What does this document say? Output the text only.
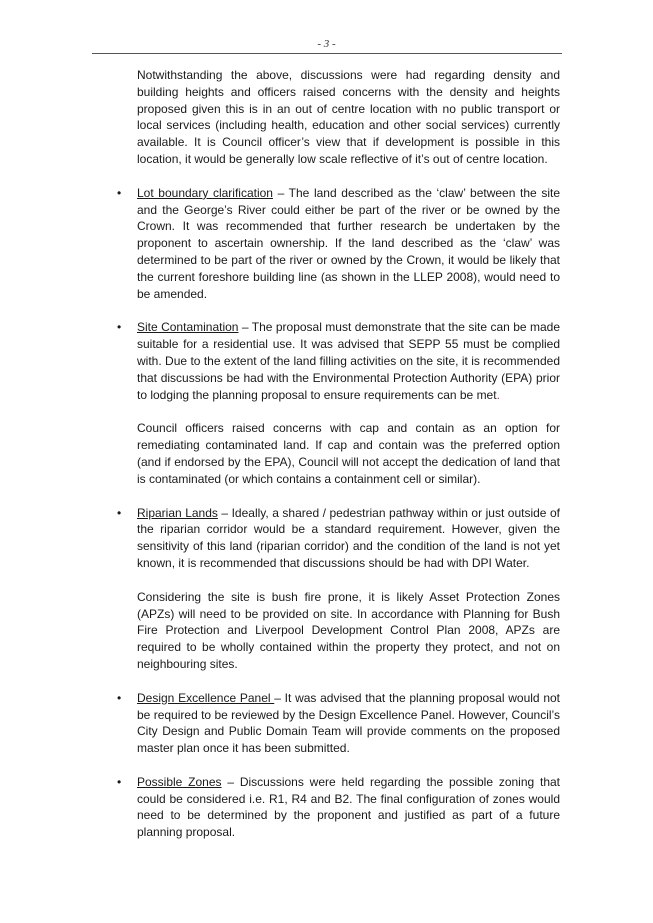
- 3 -

Notwithstanding the above, discussions were had regarding density and building heights and officers raised concerns with the density and heights proposed given this is in an out of centre location with no public transport or local services (including health, education and other social services) currently available. It is Council officer’s view that if development is possible in this location, it would be generally low scale reflective of it’s out of centre location.

• Lot boundary clarification – The land described as the ‘claw’ between the site and the George’s River could either be part of the river or be owned by the Crown. It was recommended that further research be undertaken by the proponent to ascertain ownership. If the land described as the ‘claw’ was determined to be part of the river or owned by the Crown, it would be likely that the current foreshore building line (as shown in the LLEP 2008), would need to be amended.

• Site Contamination – The proposal must demonstrate that the site can be made suitable for a residential use. It was advised that SEPP 55 must be complied with. Due to the extent of the land filling activities on the site, it is recommended that discussions be had with the Environmental Protection Authority (EPA) prior to lodging the planning proposal to ensure requirements can be met.

Council officers raised concerns with cap and contain as an option for remediating contaminated land. If cap and contain was the preferred option (and if endorsed by the EPA), Council will not accept the dedication of land that is contaminated (or which contains a containment cell or similar).

• Riparian Lands – Ideally, a shared / pedestrian pathway within or just outside of the riparian corridor would be a standard requirement. However, given the sensitivity of this land (riparian corridor) and the condition of the land is not yet known, it is recommended that discussions should be had with DPI Water.

Considering the site is bush fire prone, it is likely Asset Protection Zones (APZs) will need to be provided on site. In accordance with Planning for Bush Fire Protection and Liverpool Development Control Plan 2008, APZs are required to be wholly contained within the property they protect, and not on neighbouring sites.

• Design Excellence Panel – It was advised that the planning proposal would not be required to be reviewed by the Design Excellence Panel. However, Council’s City Design and Public Domain Team will provide comments on the proposed master plan once it has been submitted.

• Possible Zones – Discussions were held regarding the possible zoning that could be considered i.e. R1, R4 and B2. The final configuration of zones would need to be determined by the proponent and justified as part of a future planning proposal.
